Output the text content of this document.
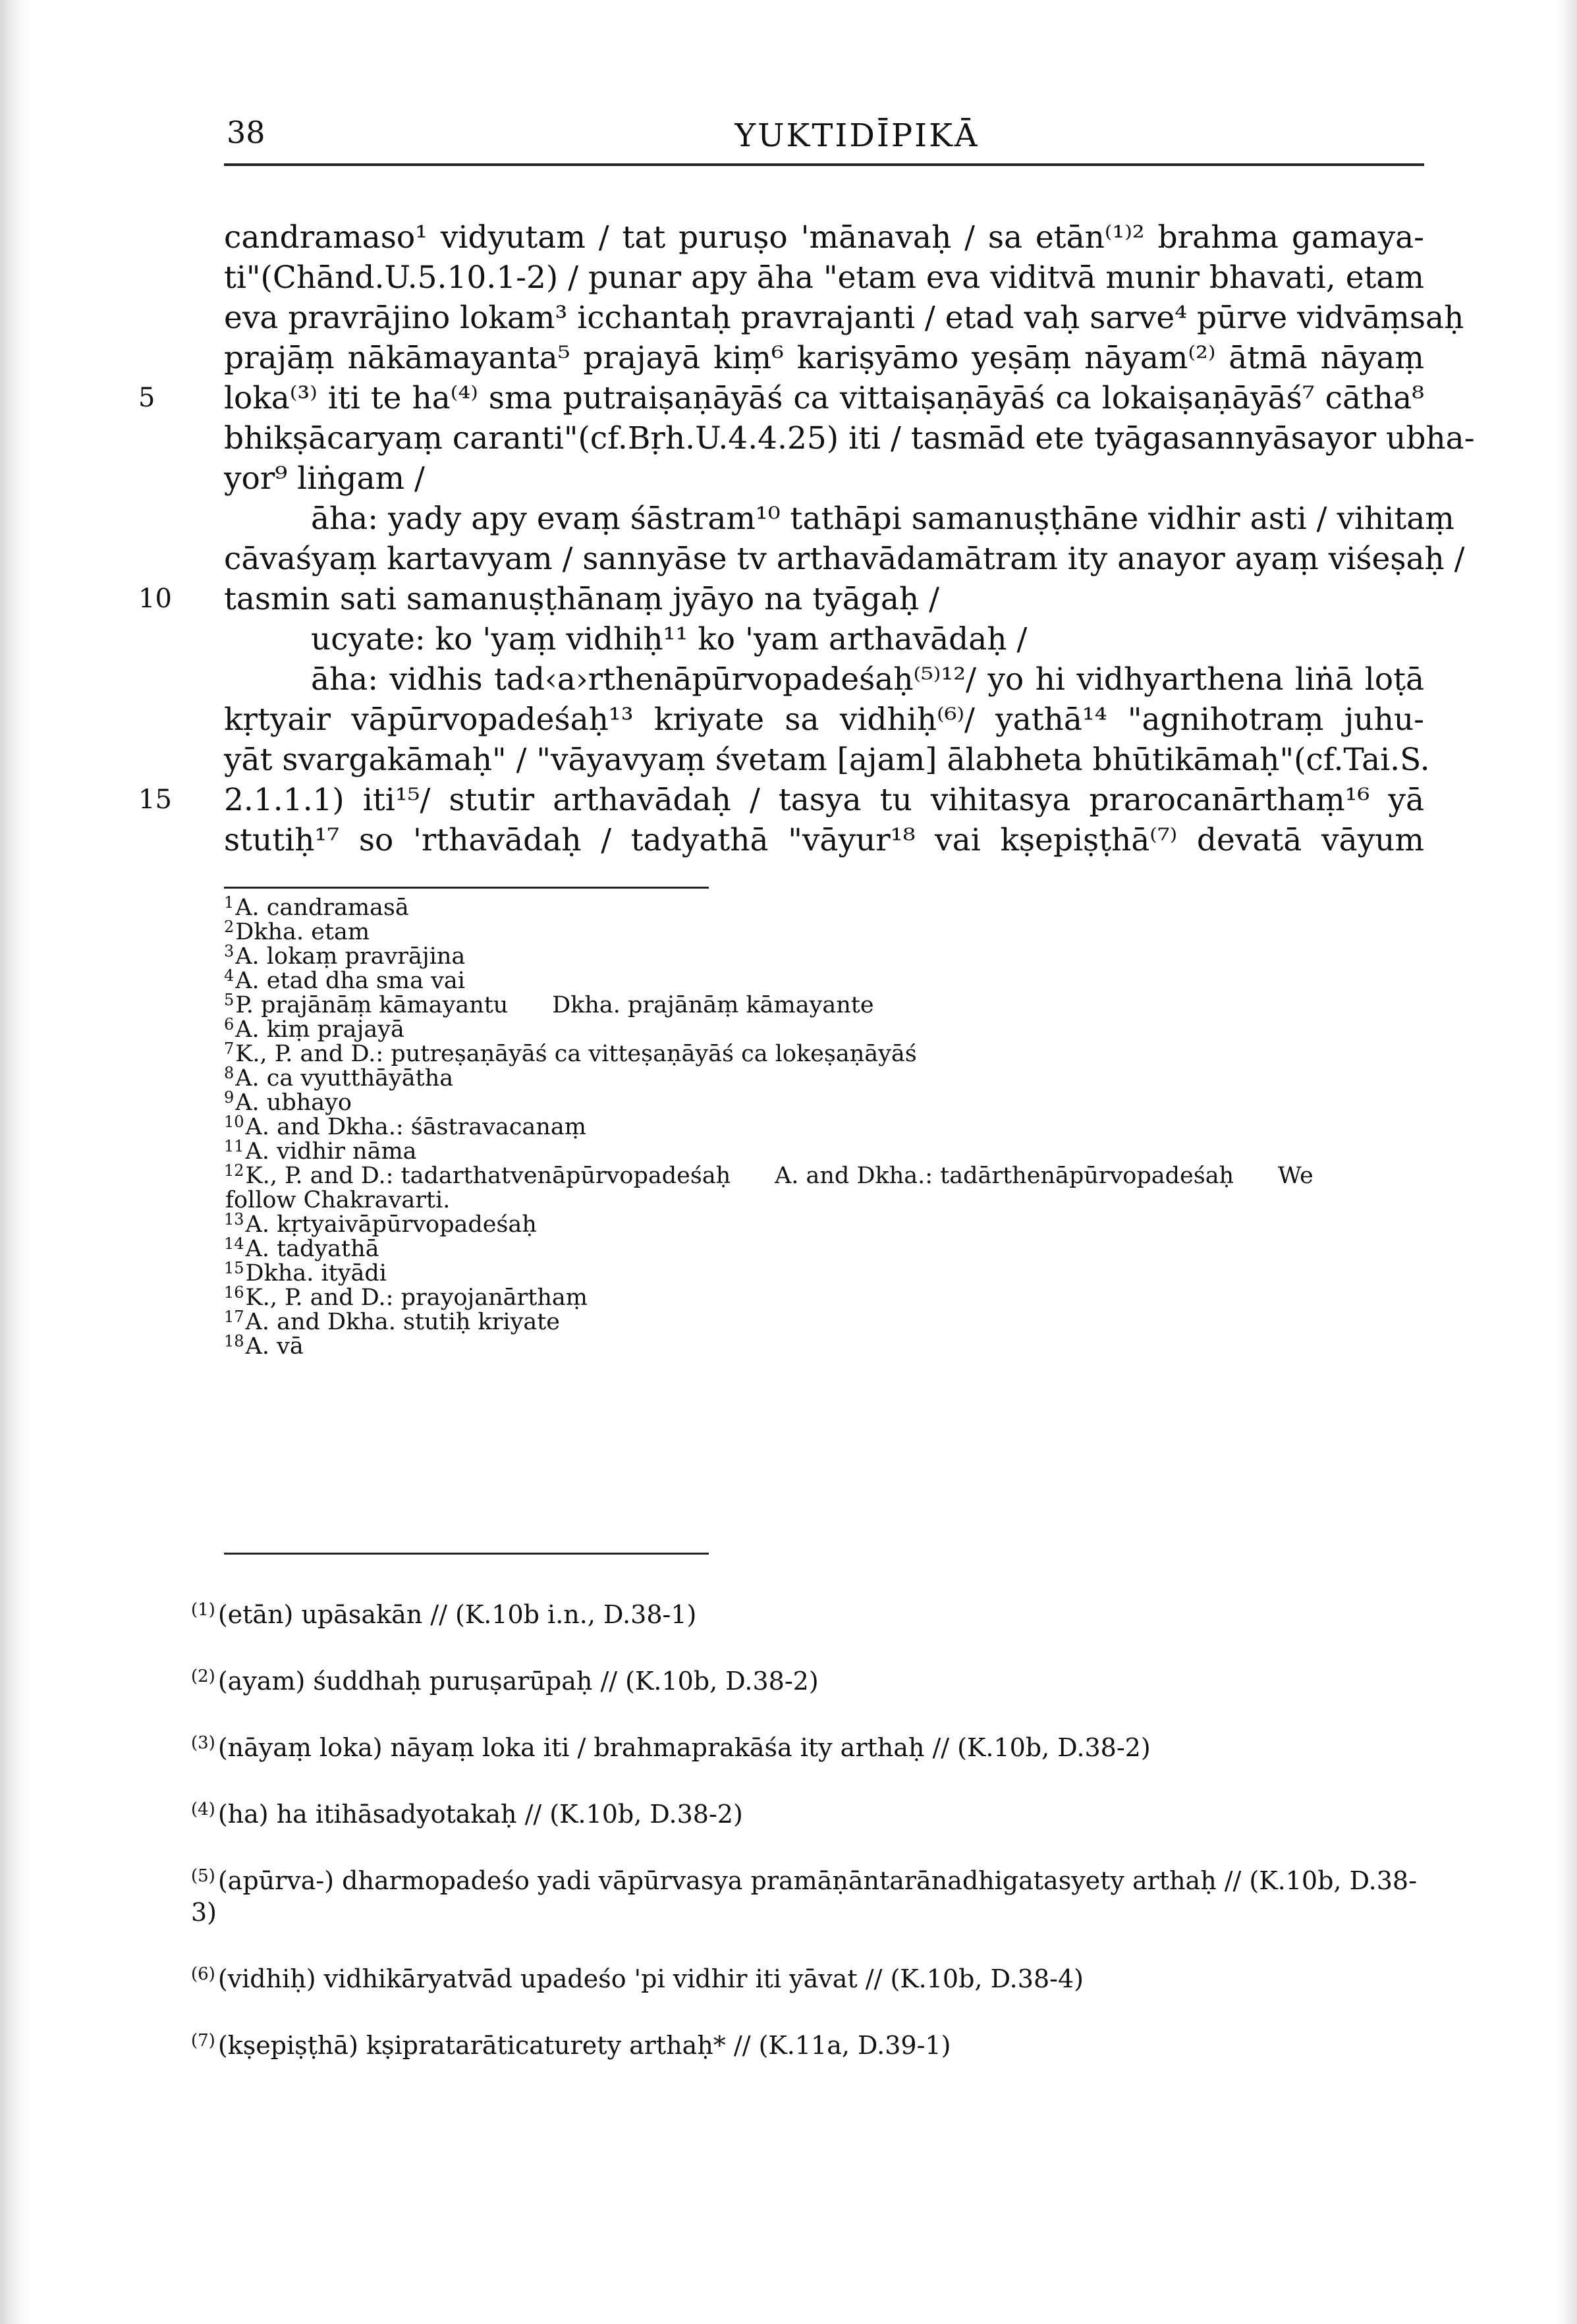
38	YUKTIDĪPIKĀ
candramaso¹ vidyutam / tat puruṣo 'mānavaḥ / sa etān⁽¹⁾² brahma gamaya-
ti"(Chānd.U.5.10.1-2) / punar apy āha "etam eva viditvā munir bhavati, etam
eva pravrājino lokam³ icchantaḥ pravrajanti / etad vaḥ sarve⁴ pūrve vidvāṃsaḥ
prajāṃ nākāmayanta⁵ prajayā kiṃ⁶ kariṣyāmo yeṣāṃ nāyam⁽²⁾ ātmā nāyaṃ
5	loka⁽³⁾ iti te ha⁽⁴⁾ sma putraiṣaṇāyāś ca vittaiṣaṇāyāś ca lokaiṣaṇāyāś⁷ cātha⁸
bhikṣācaryaṃ caranti"(cf.Bṛh.U.4.4.25) iti / tasmād ete tyāgasannyāsayor ubha-
yor⁹ liṅgam /
āha: yady apy evaṃ śāstram¹⁰ tathāpi samanuṣṭhāne vidhir asti / vihitaṃ
cāvaśyaṃ kartavyam / sannyāse tv arthavādamātram ity anayor ayaṃ viśeṣaḥ /
10 tasmin sati samanuṣṭhānaṃ jyāyo na tyāgaḥ /
ucyate: ko 'yaṃ vidhiḥ¹¹ ko 'yam arthavādaḥ /
āha: vidhis tad‹a›rthenāpūrvopadeśaḥ⁽⁵⁾¹²/ yo hi vidhyarthena liṅā loṭā
kṛtyair vāpūrvopadeśaḥ¹³ kriyate sa vidhiḥ⁽⁶⁾/ yathā¹⁴ "agnihotraṃ juhu-
yāt svargakāmaḥ" / "vāyavyaṃ śvetam [ajam] ālabheta bhūtikāmaḥ"(cf.Tai.S.
15 2.1.1.1) iti¹⁵/ stutir arthavādaḥ / tasya tu vihitasya prarocanārthaṃ¹⁶ yā
stutiḥ¹⁷ so 'rthavādaḥ / tadyathā "vāyur¹⁸ vai kṣepiṣṭhā⁽⁷⁾ devatā vāyum
$^1$A. candramasā
$^2$Dkha. etam
$^3$A. lokaṃ pravrājina
$^4$A. etad dha sma vai
$^5$P. prajānāṃ kāmayantu      Dkha. prajānāṃ kāmayante
$^6$A. kiṃ prajayā
$^7$K., P. and D.: putreṣaṇāyāś ca vitteṣaṇāyāś ca lokeṣaṇāyāś
$^8$A. ca vyutthāyātha
$^9$A. ubhayo
$^{10}$A. and Dkha.: śāstravacanaṃ
$^{11}$A. vidhir nāma
$^{12}$K., P. and D.: tadarthatvenāpūrvopadeśaḥ      A. and Dkha.: tadārthenāpūrvopadeśaḥ      We
follow Chakravarti.
$^{13}$A. kṛtyaivāpūrvopadeśaḥ
$^{14}$A. tadyathā
$^{15}$Dkha. ityādi
$^{16}$K., P. and D.: prayojanārthaṃ
$^{17}$A. and Dkha. stutiḥ kriyate
$^{18}$A. vā
$^{(1)}$ (etān) upāsakān // (K.10b i.n., D.38-1)
$^{(2)}$ (ayam) śuddhaḥ puruṣarūpaḥ // (K.10b, D.38-2)
$^{(3)}$ (nāyaṃ loka) nāyaṃ loka iti / brahmaprakāśa ity arthaḥ // (K.10b, D.38-2)
$^{(4)}$ (ha) ha itihāsadyotakaḥ // (K.10b, D.38-2)
$^{(5)}$ (apūrva-) dharmopadeśo yadi vāpūrvasya pramāṇāntarānadhigatasyety arthaḥ // (K.10b, D.38-3)
$^{(6)}$ (vidhiḥ) vidhikāryatvād upadeśo 'pi vidhir iti yāvat // (K.10b, D.38-4)
$^{(7)}$ (kṣepiṣṭhā) kṣipratarāticaturety arthaḥ* // (K.11a, D.39-1)
